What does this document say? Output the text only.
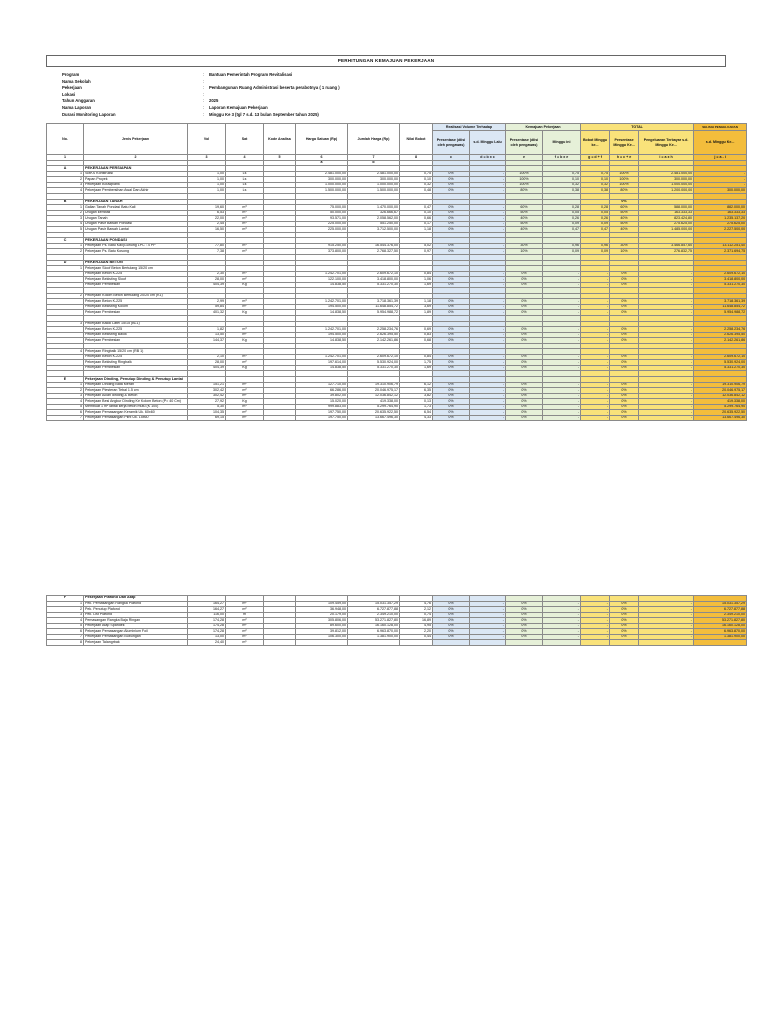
PERHITUNGAN KEMAJUAN PEKERJAAN
Program	:	Bantuan Pemerintah Program Revitalisasi
Nama Sekolah	:
Pekerjaan	:	Pembangunan Ruang Administrasi beserta perabotnya ( 1 ruang )
Lokasi	:
Tahun Anggaran	:	2025
Nama Laporan	:	Laporan Kemajuan Pekerjaan
Durasi Monitoring Laporan	:	Minggu Ke 3 (tgl 7 s.d. 13 bulan September tahun 2025)
No.	Jenis Pekerjaan	Vol	Sat	Kode Analisa	Harga Satuan (Rp)	Jumlah Harga (Rp)	Nilai Bobot	Realisasi Volume Terhadap		Kemajuan Pekerjaan		TOTAL			SELISIH PENGELUARAN
								Presentase (diisi oleh pengawas)	s.d. Minggu Lalu	Presentase (diisi oleh pengawas)	Minggu ini	Bobot Minggu ke...	Persentase Minggu Ke...	Pengeluaran Terbayar s.d. Minggu Ke...	s.d. Minggu Ke...
1	2	3	4	5	6	7	8	c	d = b x c	e	f = b x e	g = d + f	h = c + e	i = a x h	j = a - i
					a	b									
A	PEKERJAAN PERSIAPAN														
1	SMKS Konstruksi	1,00	Ls		2.481.000,00	2.481.000,00	0,75	0%	-	100%	0,75	0,75	100%	2.481.000,00	-
2	Papan Proyek	1,00	Ls		300.000,00	300.000,00	0,10	0%	-	100%	0,10	0,10	100%	300.000,00	-
3	Pekerjaan Bouwplank	1,00	Ls		1.000.000,00	1.000.000,00	0,32	0%	-	100%	0,32	0,32	100%	1.000.000,00	-
4	Pekerjaan Pembersihan Awal Dan Akhir	1,00	Ls		1.500.000,00	1.500.000,00	0,48	0%	-	80%	0,38	0,38	80%	1.200.000,00	300.000,00

B	PEKERJAAN TANAH												0%		
1	Galian Tanah Pondasi Batu Kali	19,60	m³		75.000,00	1.470.000,00	0,47	0%	-	60%	0,28	0,28	60%	588.000,00	882.000,00
2	Urugan kembali	6,53	m³		50.000,00	326.666,67	0,10	0%	-	50%	0,05	0,05	50%	163.333,33	163.333,33
3	Urugan Tanah	22,00	m³		93.571,00	2.058.562,00	0,66	0%	-	40%	0,26	0,26	40%	823.424,80	1.235.137,20
4	Urugan Pasir Bawah Pondasi	2,45	m³		225.000,00	551.250,00	0,17	0%	-	50%	0,09	0,09	50%	275.625,00	275.625,00
5	Urugan Pasir Bawah Lantai	16,50	m³		225.000,00	3.712.500,00	1,18	0%	-	40%	0,47	0,47	40%	1.485.000,00	2.227.500,00

C	PEKERJAAN PONDASI														
1	Pekerjaan Ps. Batu Kali(Gunung 1PC : 4 PP	77,80	m³		915.250,00	16.544.376,00	5,02	0%	-	30%	0,96	0,96	30%	3.466.857,60	13.112.251,40
2	Pekerjaan Ps. Batu Kosong	7,38	m³		373.800,00	2.768.327,50	0,97	0%	-	10%	0,09	0,09	10%	276.832,75	2.371.694,75

D	PEKERJAAN BETON														
1	Pekerjaan Sloof Beton Bertulang 15/20 cm														
	Pekerjaan Beton K-225	2,30	m³		1.242.701,00	2.609.672,10	0,84	0%	-	0%	-	-	0%	-	2.609.672,10
	Pekerjaan Bekisting Sloof	28,00	m²		122.100,00	3.418.800,00	1,06	0%	-	0%	-	-	0%	-	3.418.800,00
	Pekerjaan Pembesian	404,39	Kg		14.838,50	5.331.270,30	1,69	0%	-	0%	-	-	0%	-	5.331.270,30

2	Pekerjaan Kolom Beton Bertulang 20/20 cm (K1)														
	Pekerjaan Beton K-225	2,99	m³		1.242.701,00	3.718.361,39	1,18	0%	-	0%	-	-	0%	-	3.718.361,39
	Pekerjaan Bekisting Kolom	59,84	m²		194.500,00	11.648.854,72	3,69	0%	-	0%	-	-	0%	-	11.648.854,72
	Pekerjaan Pembesian	401,32	Kg		14.838,50	5.954.988,72	1,89	0%	-	0%	-	-	0%	-	5.954.988,72

3	Pekerjaan Balok Latei 15/15 (BL1)														
	Pekerjaan Beton K-225	1,82	m³		1.242.701,00	2.258.234,76	0,69	0%	-	0%	-	-	0%	-	2.258.234,76
	Pekerjaan Bekisting Balok	13,50	m²		194.500,00	2.626.395,50	0,83	0%	-	0%	-	-	0%	-	2.626.395,50
	Pekerjaan Pembesian	144,37	Kg		14.838,50	2.142.261,86	0,68	0%	-	0%	-	-	0%	-	2.142.261,86

4	Pekerjaan Ringbalk 15/20 cm (RB 1)														
	Pekerjaan Beton K-225	2,10	m³		1.242.701,00	2.609.672,10	0,84	0%	-	0%	-	-	0%	-	2.609.672,10
	Pekerjaan Bekisting Ringbalk	28,00	m²		197.614,00	5.530.924,00	1,75	0%	-	0%	-	-	0%	-	5.530.924,00
	Pekerjaan Pembesian	404,39	Kg		14.838,50	5.331.270,30	1,69	0%	-	0%	-	-	0%	-	5.331.270,30

E	Pekerjaan Dinding, Penutup Dinding & Penutup Lantai														
1	Pekerjaan Dinding Bata Merah	151,21	m²		127.710,00	19.310.906,79	6,12	0%	-	0%	-	-	0%	-	19.310.906,79
2	Pekerjaan Plesteran Tebal 1.5 cm	302,42	m²		66.286,00	20.046.975,17	6,35	0%	-	0%	-	-	0%	-	20.046.975,17
3	Pekerjaan Acian dinding & Beton	302,42	m²		39.802,00	12.036.842,12	3,82	0%	-	0%	-	-	0%	-	12.036.842,12
4	Pekerjaan Besi Angkur Dinding Ke Kolom Beton (P= 40 Cm)	27,92	Kg		15.020,00	419.338,00	0,13	0%	-	0%	-	-	0%	-	419.338,00
5	Membuat 1 m² lantai kerja beton mutu (K 100)	5,30	m³		999.883,00	5.299.764,90	1,73	0%	-	0%	-	-	0%	-	5.299.764,90
6	Pekerjaan Pemasangan Keramik Uk. 60x60	104,35	m²		197.750,00	20.635.922,50	6,54	0%	-	0%	-	-	0%	-	20.635.922,50
7	Pekerjaan Pemasangan Plint Uk. 15x60	69,15	m²		197.750,00	13.667.496,30	4,33	0%	-	0%	-	-	0%	-	13.667.496,30
F	Pekerjaan Plafond Dan Atap														
1	Pek. Pemasangan Rangka Plafond	164,27	m²		109.459,00	15.031.357,29	4,76	0%	-	0%	-	-	0%	-	15.031.357,29
2	Pek. Penutup Plafond	164,27	m²		36.948,00	6.727.877,88	2,12	0%	-	0%	-	-	0%	-	6.727.877,88
3	Pek. List Plafond	116,00	m		20.179,00	2.349.210,00	0,74	0%	-	0%	-	-	0%	-	2.349.210,00
4	Pemasangan Rangka Baja Ringan	174,28	m²		305.806,00	53.271.827,80	16,89	0%	-	0%	-	-	0%	-	53.271.827,80
5	Pekerjaan Atap Spandek	174,28	m²		89.600,00	16.160.128,00	4,95	0%	-	0%	-	-	0%	-	16.160.128,00
6	Pekerjaan Pemasangan Aluminium Foil	174,28	m²		39.812,00	6.963.870,00	2,20	0%	-	0%	-	-	0%	-	6.963.870,00
7	Pekerjaan Pemasangan Bubungan	13,00	m¹		106.300,00	1.381.900,00	0,44	0%	-	0%	-	-	0%	-	1.381.900,00
8	Pekerjaan Talangrbak	24,40	m¹												
